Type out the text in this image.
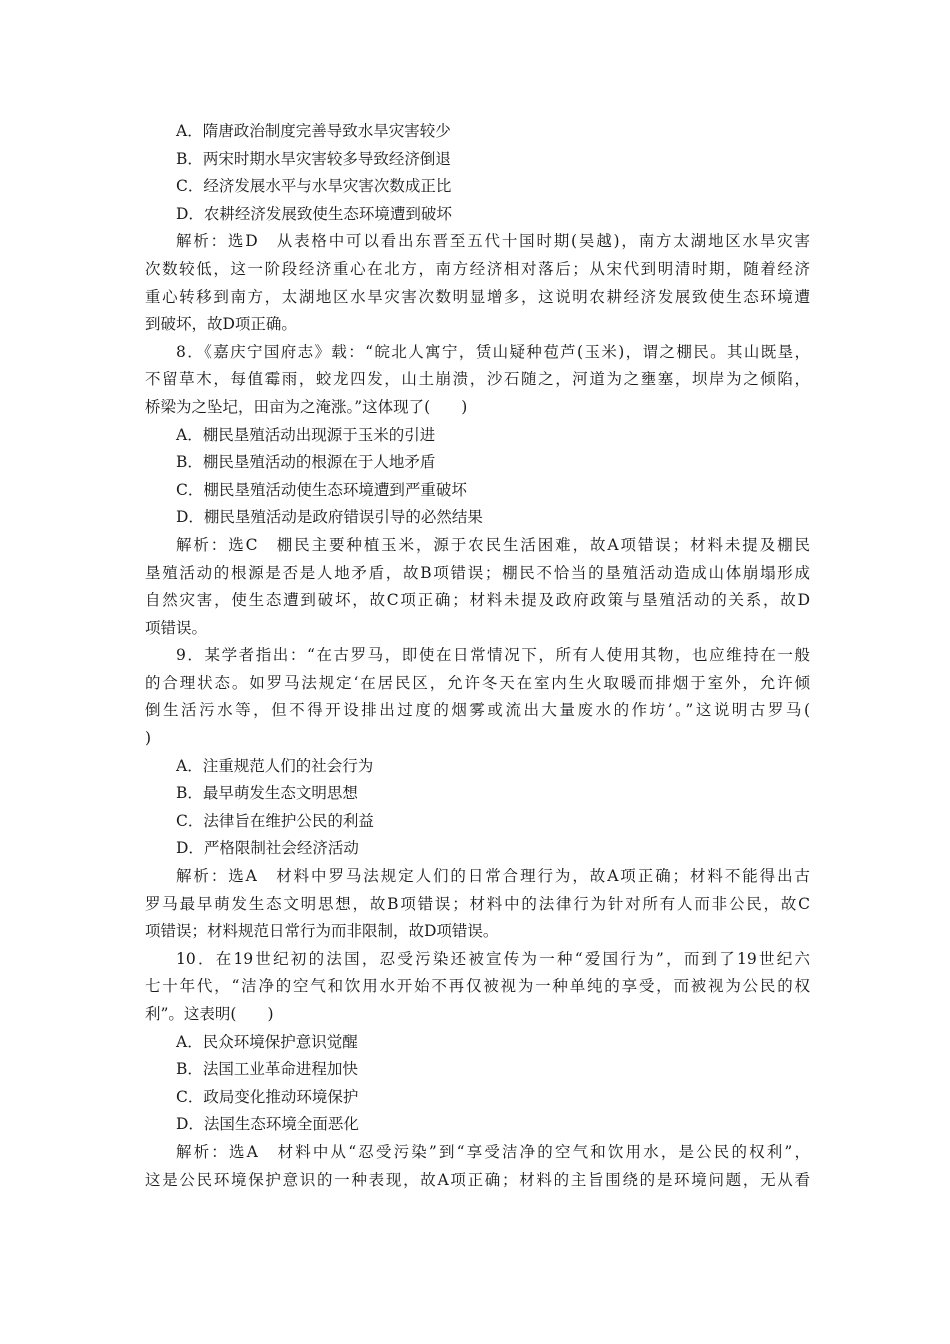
A．隋唐政治制度完善导致水旱灾害较少
B．两宋时期水旱灾害较多导致经济倒退
C．经济发展水平与水旱灾害次数成正比
D．农耕经济发展致使生态环境遭到破坏
解析：选D　从表格中可以看出东晋至五代十国时期(吴越)，南方太湖地区水旱灾害
次数较低，这一阶段经济重心在北方，南方经济相对落后；从宋代到明清时期，随着经济
重心转移到南方，太湖地区水旱灾害次数明显增多，这说明农耕经济发展致使生态环境遭
到破坏，故D项正确。
8．《嘉庆宁国府志》载：“皖北人寓宁，赁山疑种苞芦(玉米)，谓之棚民。其山既垦，
不留草木，每值霉雨，蛟龙四发，山土崩溃，沙石随之，河道为之壅塞，坝岸为之倾陷，
桥梁为之坠圮，田亩为之淹涨。”这体现了(　　)
A．棚民垦殖活动出现源于玉米的引进
B．棚民垦殖活动的根源在于人地矛盾
C．棚民垦殖活动使生态环境遭到严重破坏
D．棚民垦殖活动是政府错误引导的必然结果
解析：选C　棚民主要种植玉米，源于农民生活困难，故A项错误；材料未提及棚民
垦殖活动的根源是否是人地矛盾，故B项错误；棚民不恰当的垦殖活动造成山体崩塌形成
自然灾害，使生态遭到破坏，故C项正确；材料未提及政府政策与垦殖活动的关系，故D
项错误。
9．某学者指出：“在古罗马，即使在日常情况下，所有人使用其物，也应维持在一般
的合理状态。如罗马法规定‘在居民区，允许冬天在室内生火取暖而排烟于室外，允许倾
倒生活污水等，但不得开设排出过度的烟雾或流出大量废水的作坊’。”这说明古罗马(
)
A．注重规范人们的社会行为
B．最早萌发生态文明思想
C．法律旨在维护公民的利益
D．严格限制社会经济活动
解析：选A　材料中罗马法规定人们的日常合理行为，故A项正确；材料不能得出古
罗马最早萌发生态文明思想，故B项错误；材料中的法律行为针对所有人而非公民，故C
项错误；材料规范日常行为而非限制，故D项错误。
10．在19世纪初的法国，忍受污染还被宣传为一种“爱国行为”，而到了19世纪六
七十年代，“洁净的空气和饮用水开始不再仅被视为一种单纯的享受，而被视为公民的权
利”。这表明(　　)
A．民众环境保护意识觉醒
B．法国工业革命进程加快
C．政局变化推动环境保护
D．法国生态环境全面恶化
解析：选A　材料中从“忍受污染”到“享受洁净的空气和饮用水，是公民的权利”，
这是公民环境保护意识的一种表现，故A项正确；材料的主旨围绕的是环境问题，无从看
